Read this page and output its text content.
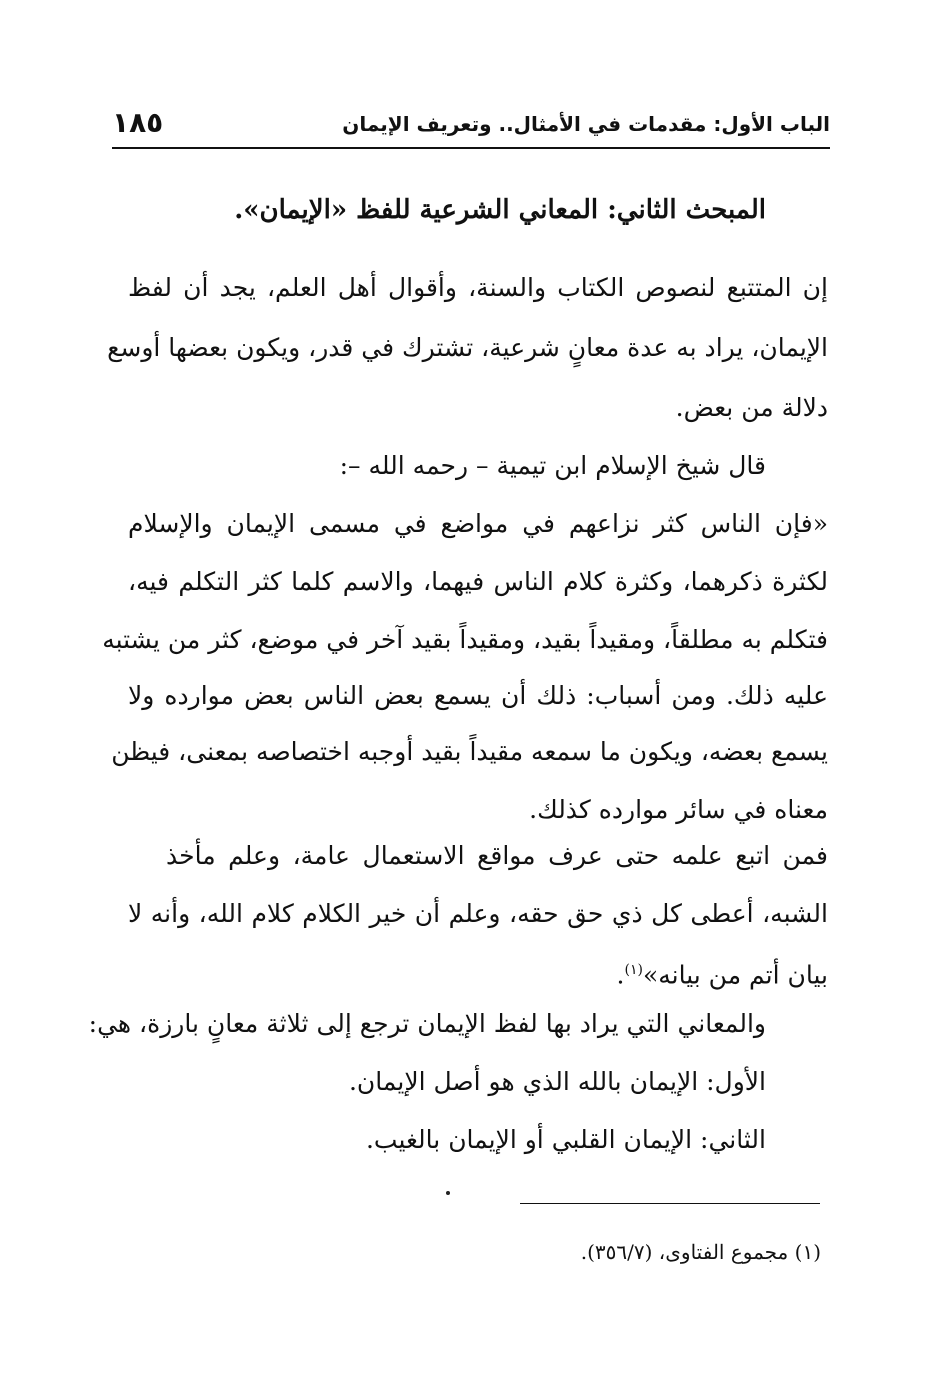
١٨٥	الباب الأول: مقدمات في الأمثال.. وتعريف الإيمان
المبحث الثاني: المعاني الشرعية للفظ «الإيمان».
إن المتتبع لنصوص الكتاب والسنة، وأقوال أهل العلم، يجد أن لفظ
الإيمان، يراد به عدة معانٍ شرعية، تشترك في قدر، ويكون بعضها أوسع
دلالة من بعض.
قال شيخ الإسلام ابن تيمية – رحمه الله –:
«فإن الناس كثر نزاعهم في مواضع في مسمى الإيمان والإسلام
لكثرة ذكرهما، وكثرة كلام الناس فيهما، والاسم كلما كثر التكلم فيه،
فتكلم به مطلقاً، ومقيداً بقيد، ومقيداً بقيد آخر في موضع، كثر من يشتبه
عليه ذلك. ومن أسباب: ذلك أن يسمع بعض الناس بعض موارده ولا
يسمع بعضه، ويكون ما سمعه مقيداً بقيد أوجبه اختصاصه بمعنى، فيظن
معناه في سائر موارده كذلك.
فمن اتبع علمه حتى عرف مواقع الاستعمال عامة، وعلم مأخذ
الشبه، أعطى كل ذي حق حقه، وعلم أن خير الكلام كلام الله، وأنه لا
بيان أتم من بيانه»$^{(١)}$.
والمعاني التي يراد بها لفظ الإيمان ترجع إلى ثلاثة معانٍ بارزة، هي:
الأول: الإيمان بالله الذي هو أصل الإيمان.
الثاني: الإيمان القلبي أو الإيمان بالغيب.
(١) مجموع الفتاوى، (٣٥٦/٧).
